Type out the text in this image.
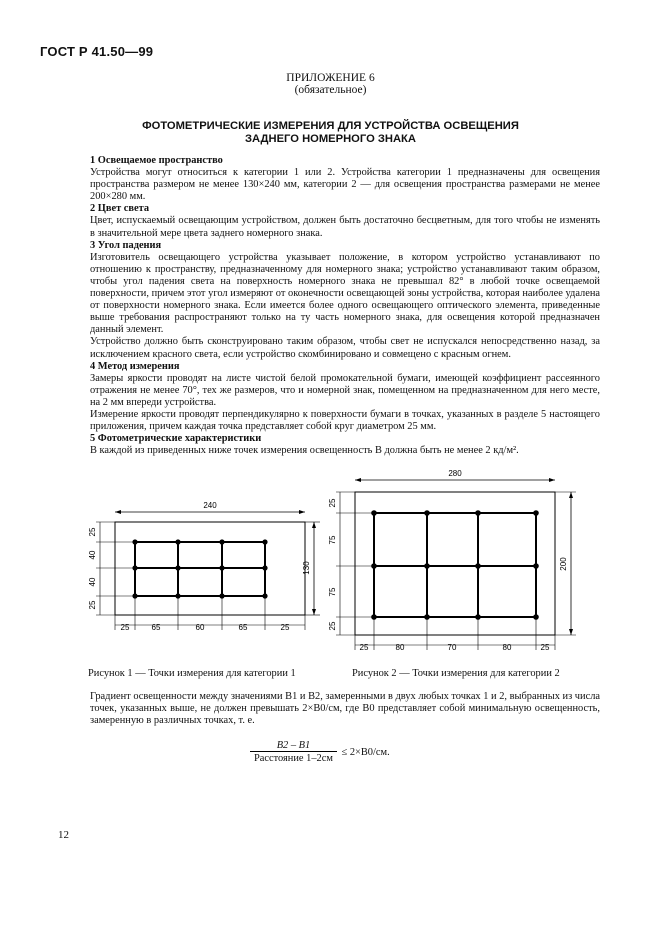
ГОСТ Р 41.50—99
ПРИЛОЖЕНИЕ 6
(обязательное)
ФОТОМЕТРИЧЕСКИЕ ИЗМЕРЕНИЯ ДЛЯ УСТРОЙСТВА ОСВЕЩЕНИЯ
ЗАДНЕГО НОМЕРНОГО ЗНАКА

1 Освещаемое пространство

Устройства могут относиться к категории 1 или 2. Устройства категории 1 предназначены для освещения пространства размером не менее 130×240 мм, категории 2 — для освещения пространства размерами не менее 200×280 мм.

2 Цвет света

Цвет, испускаемый освещающим устройством, должен быть достаточно бесцветным, для того чтобы не изменять в значительной мере цвета заднего номерного знака.

3 Угол падения

Изготовитель освещающего устройства указывает положение, в котором устройство устанавливают по отношению к пространству, предназначенному для номерного знака; устройство устанавливают таким образом, чтобы угол падения света на поверхность номерного знака не превышал 82° в любой точке освещаемой поверхности, причем этот угол измеряют от оконечности освещающей зоны устройства, которая наиболее удалена от поверхности номерного знака. Если имеется более одного освещающего оптического элемента, приведенные выше требования распространяют только на ту часть номерного знака, для освещения которой предназначен данный элемент.

Устройство должно быть сконструировано таким образом, чтобы свет не испускался непосредственно назад, за исключением красного света, если устройство скомбинировано и совмещено с красным огнем.

4 Метод измерения

Замеры яркости проводят на листе чистой белой промокательной бумаги, имеющей коэффициент рассеянного отражения не менее 70°, тех же размеров, что и номерной знак, помещенном на предназначенном для него месте, на 2 мм впереди устройства.

Измерение яркости проводят перпендикулярно к поверхности бумаги в точках, указанных в разделе 5 настоящего приложения, причем каждая точка представляет собой круг диаметром 25 мм.

5 Фотометрические характеристики

В каждой из приведенных ниже точек измерения освещенность B должна быть не менее 2 кд/м².

240
130
25
40
40
25
25	65	60	65	25
280
200
25
75
75
25
25	80	70	80	25
Рисунок 1 — Точки измерения для категории 1	Рисунок 2 — Точки измерения для категории 2
Градиент освещенности между значениями B1 и B2, замеренными в двух любых точках 1 и 2, выбранных из числа точек, указанных выше, не должен превышать 2×B0/см, где B0 представляет собой минимальную освещенность, замеренную в различных точках, т. е.
B2 – B1
Расстояние 1–2см
≤ 2×B0/см.
12
